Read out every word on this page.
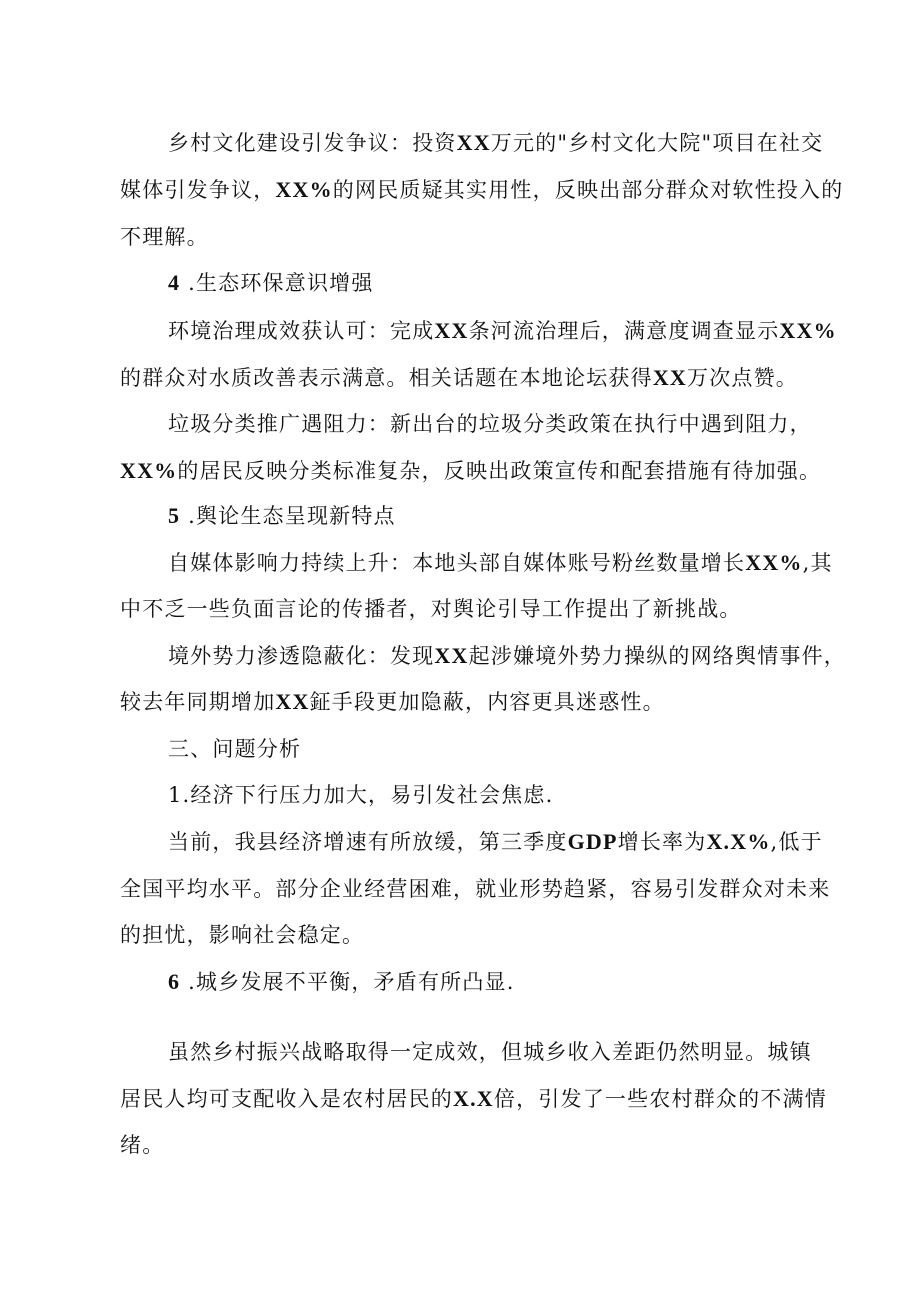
乡村文化建设引发争议：投资XX万元的"乡村文化大院"项目在社交
媒体引发争议，XX%的网民质疑其实用性，反映出部分群众对软性投入的
不理解。
4 .生态环保意识增强
环境治理成效获认可：完成XX条河流治理后，满意度调查显示XX%
的群众对水质改善表示满意。相关话题在本地论坛获得XX万次点赞。
垃圾分类推广遇阻力：新出台的垃圾分类政策在执行中遇到阻力，
XX%的居民反映分类标准复杂，反映出政策宣传和配套措施有待加强。
5 .舆论生态呈现新特点
自媒体影响力持续上升：本地头部自媒体账号粉丝数量增长XX%,其
中不乏一些负面言论的传播者，对舆论引导工作提出了新挑战。
境外势力渗透隐蔽化：发现XX起涉嫌境外势力操纵的网络舆情事件，
较去年同期增加XX鉦手段更加隐蔽，内容更具迷惑性。
三、问题分析
1.经济下行压力加大，易引发社会焦虑.
当前，我县经济增速有所放缓，第三季度GDP增长率为X.X%,低于
全国平均水平。部分企业经营困难，就业形势趋紧，容易引发群众对未来
的担忧，影响社会稳定。
6 .城乡发展不平衡，矛盾有所凸显.
虽然乡村振兴战略取得一定成效，但城乡收入差距仍然明显。城镇
居民人均可支配收入是农村居民的X.X倍，引发了一些农村群众的不满情
绪。
